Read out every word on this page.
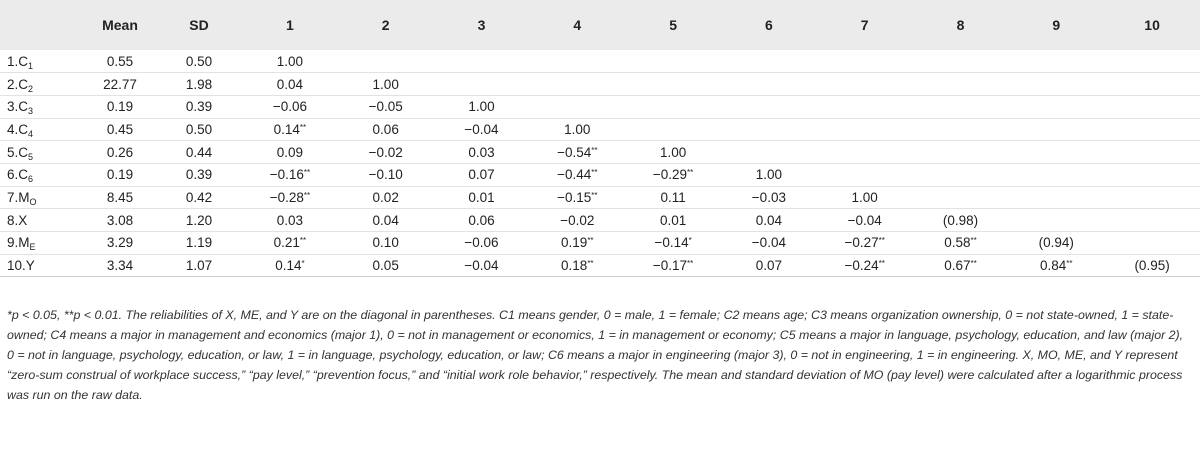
	Mean	SD	1	2	3	4	5	6	7	8	9	10
$1.C_1$	0.55	0.50	1.00									
$2.C_2$	22.77	1.98	0.04	1.00								
$3.C_3$	0.19	0.39	−0.06	−0.05	1.00							
$4.C_4$	0.45	0.50	0.14**	0.06	−0.04	1.00						
$5.C_5$	0.26	0.44	0.09	−0.02	0.03	−0.54**	1.00					
$6.C_6$	0.19	0.39	−0.16**	−0.10	0.07	−0.44**	−0.29**	1.00				
$7.M_O$	8.45	0.42	−0.28**	0.02	0.01	−0.15**	0.11	−0.03	1.00			
8.X	3.08	1.20	0.03	0.04	0.06	−0.02	0.01	0.04	−0.04	(0.98)		
$9.M_E$	3.29	1.19	0.21**	0.10	−0.06	0.19**	−0.14*	−0.04	−0.27**	0.58**	(0.94)	
10.Y	3.34	1.07	0.14*	0.05	−0.04	0.18**	−0.17**	0.07	−0.24**	0.67**	0.84**	(0.95)
*p < 0.05, **p < 0.01. The reliabilities of X, ME, and Y are on the diagonal in parentheses. C1 means gender, 0 = male, 1 = female; C2 means age; C3 means organization ownership, 0 = not state-owned, 1 = state-owned; C4 means a major in management and economics (major 1), 0 = not in management or economics, 1 = in management or economy; C5 means a major in language, psychology, education, and law (major 2), 0 = not in language, psychology, education, or law, 1 = in language, psychology, education, or law; C6 means a major in engineering (major 3), 0 = not in engineering, 1 = in engineering. X, MO, ME, and Y represent “zero-sum construal of workplace success,” “pay level,” “prevention focus,” and “initial work role behavior,” respectively. The mean and standard deviation of MO (pay level) were calculated after a logarithmic process was run on the raw data.
